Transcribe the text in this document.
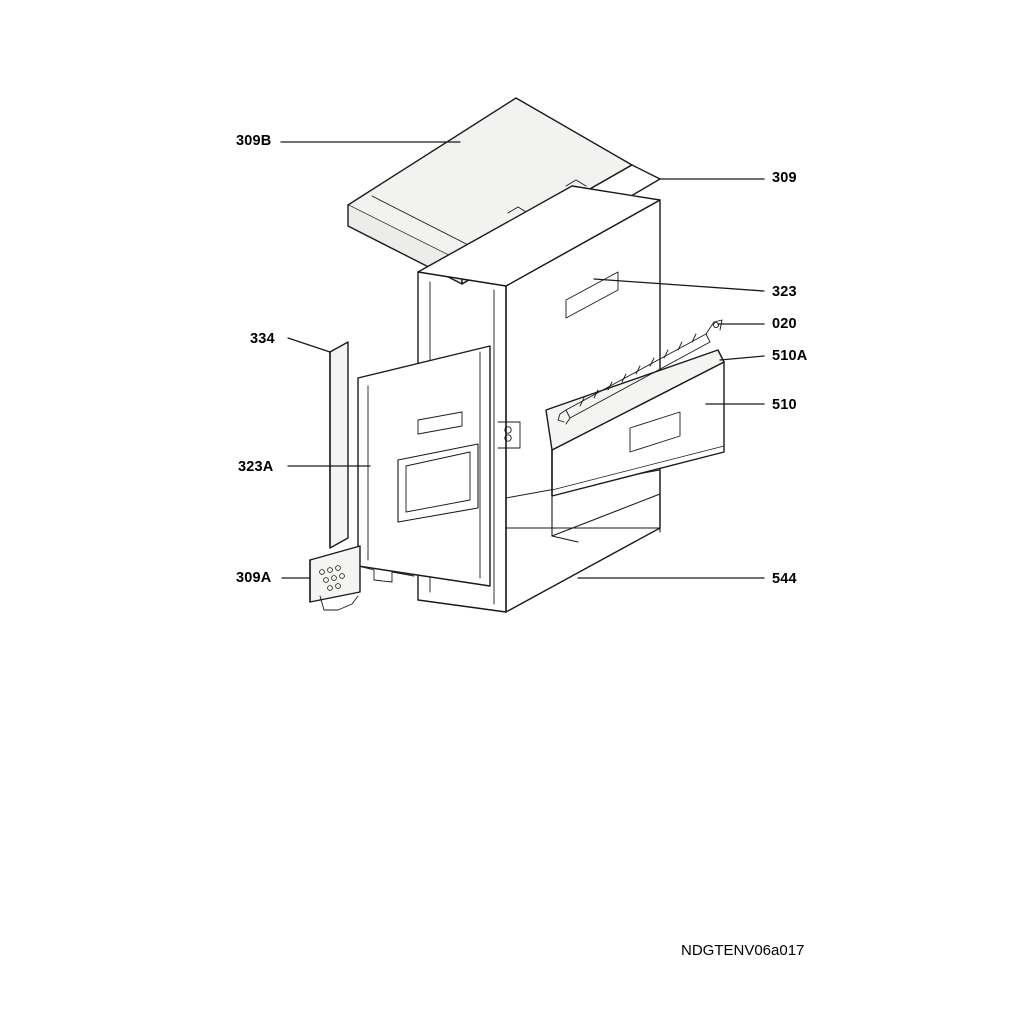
309B
309
323
334
020
510A
510
323A
309A	544
NDGTENV06a017
